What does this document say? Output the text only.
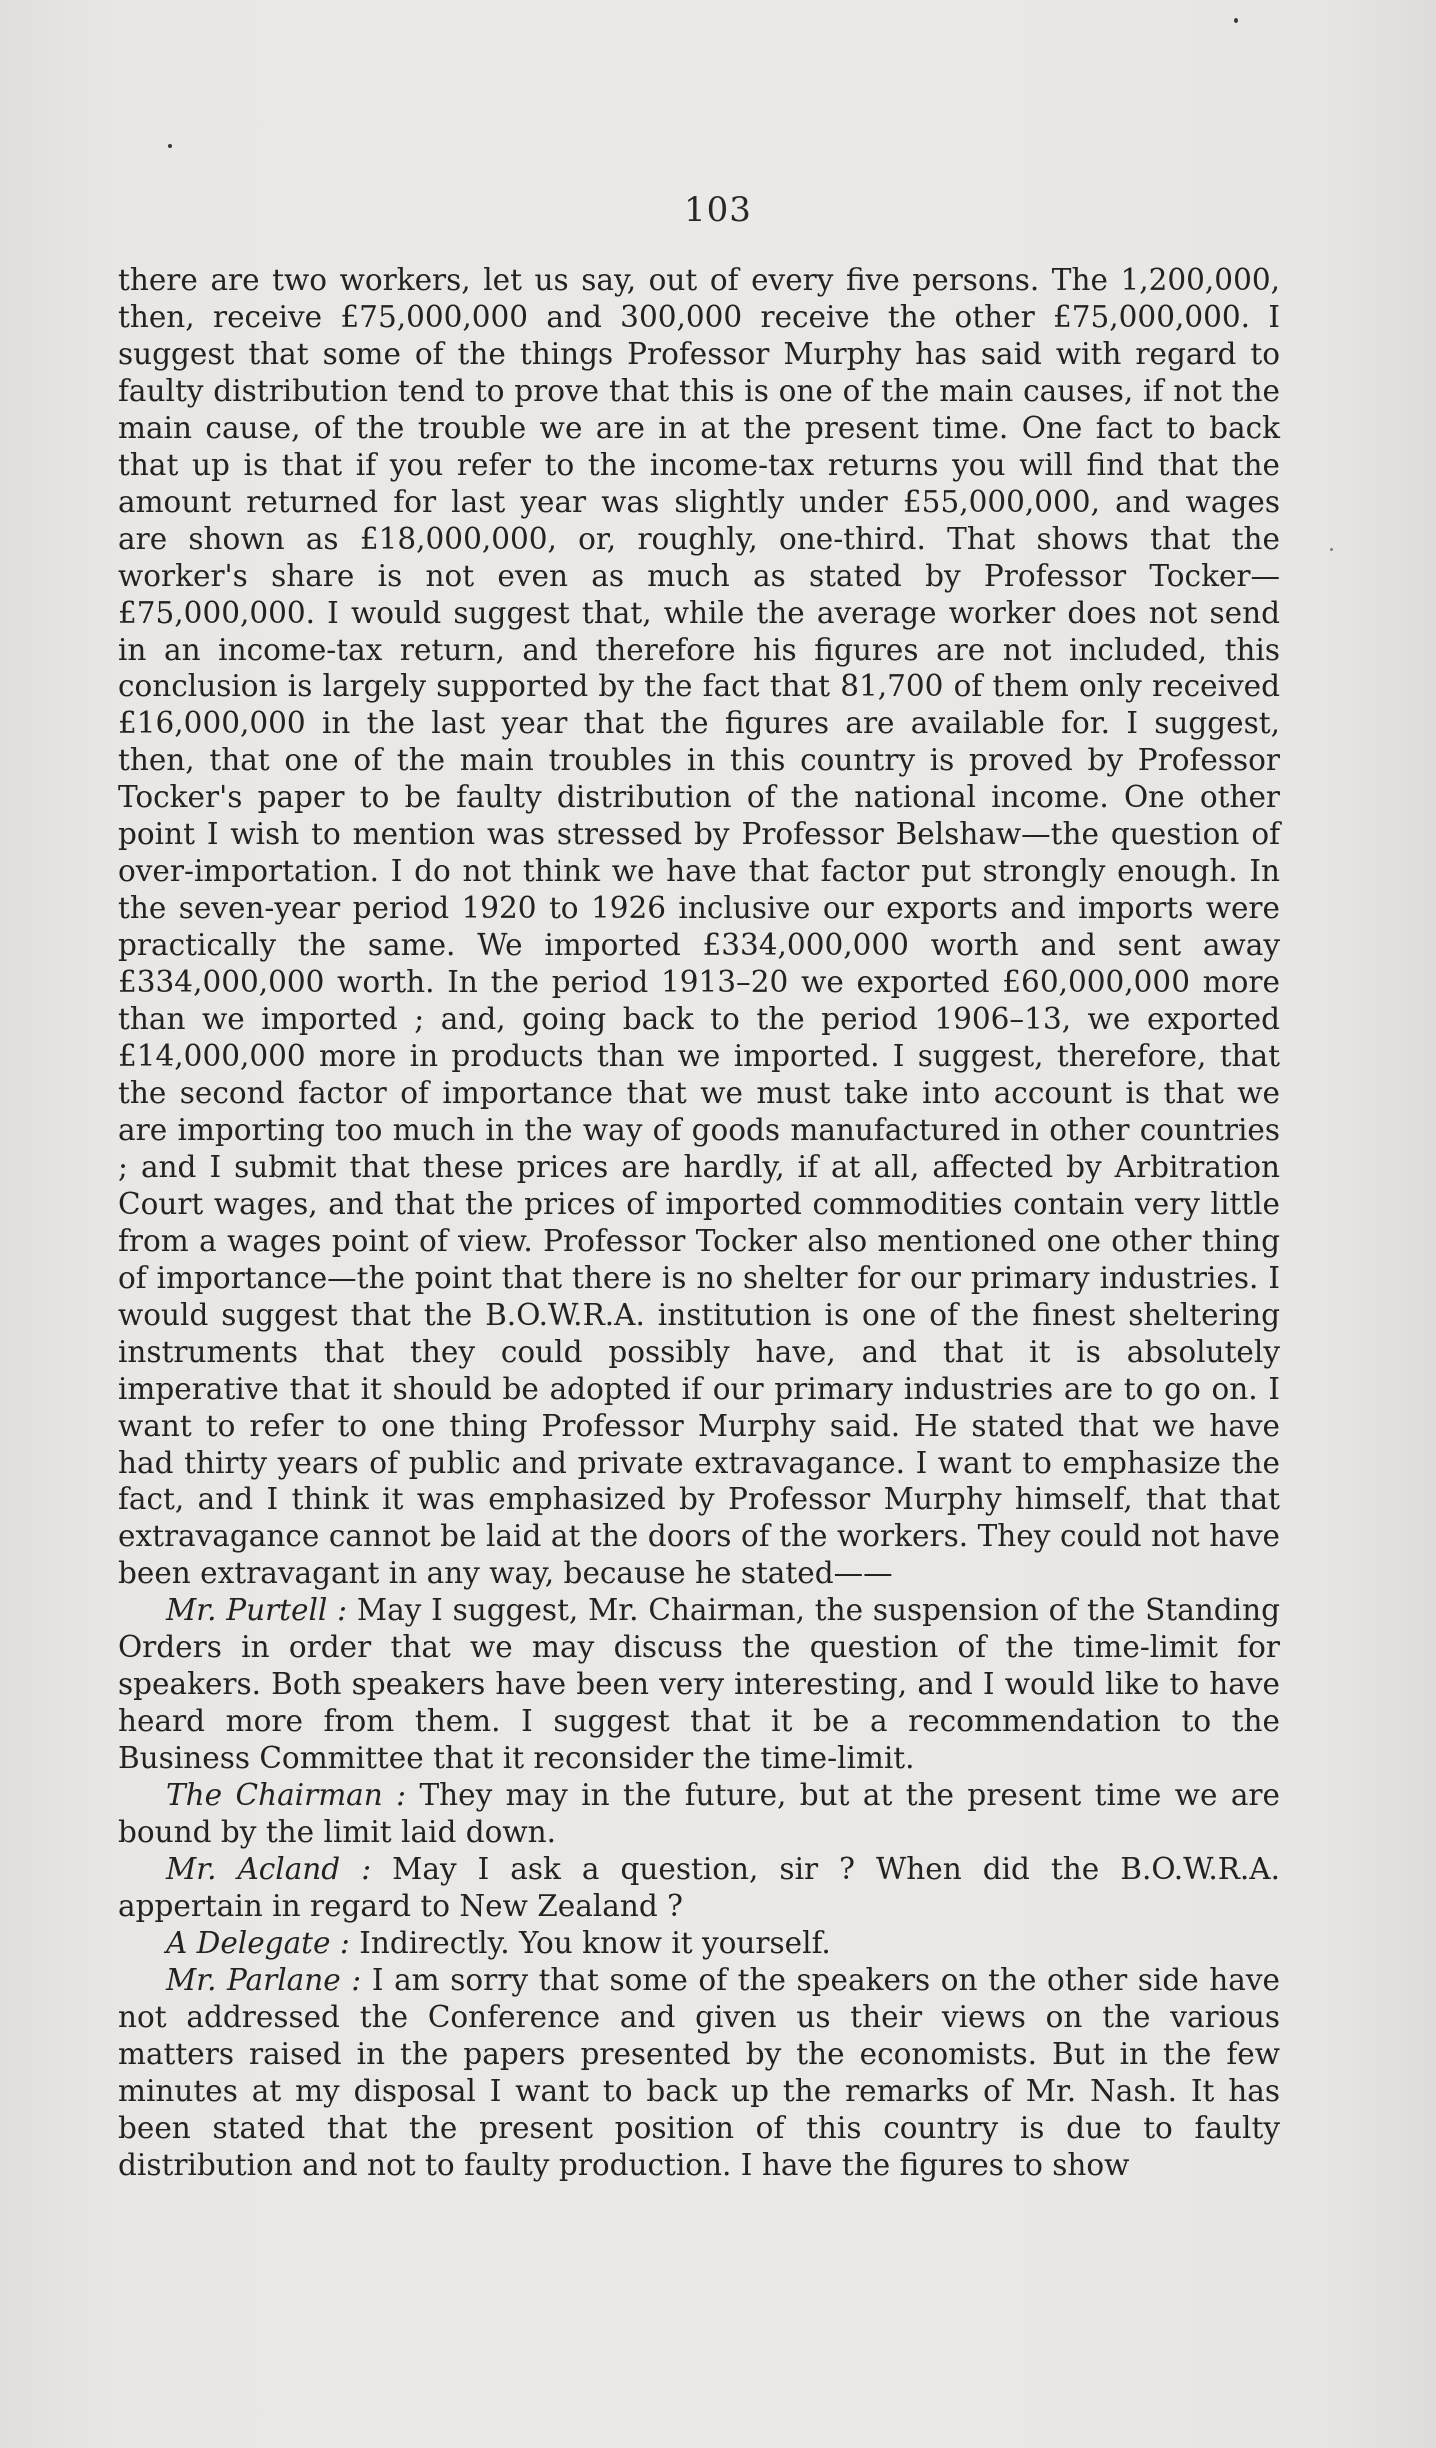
103

there are two workers, let us say, out of every five persons. The 1,200,000, then, receive £75,000,000 and 300,000 receive the other £75,000,000. I suggest that some of the things Professor Murphy has said with regard to faulty distribution tend to prove that this is one of the main causes, if not the main cause, of the trouble we are in at the present time. One fact to back that up is that if you refer to the income-tax returns you will find that the amount returned for last year was slightly under £55,000,000, and wages are shown as £18,000,000, or, roughly, one-third. That shows that the worker's share is not even as much as stated by Professor Tocker—£75,000,000. I would suggest that, while the average worker does not send in an income-tax return, and therefore his figures are not included, this conclusion is largely supported by the fact that 81,700 of them only received £16,000,000 in the last year that the figures are available for. I suggest, then, that one of the main troubles in this country is proved by Professor Tocker's paper to be faulty distribution of the national income. One other point I wish to mention was stressed by Professor Belshaw—the question of over-importation. I do not think we have that factor put strongly enough. In the seven-year period 1920 to 1926 inclusive our exports and imports were practically the same. We imported £334,000,000 worth and sent away £334,000,000 worth. In the period 1913–20 we exported £60,000,000 more than we imported ; and, going back to the period 1906–13, we exported £14,000,000 more in products than we imported. I suggest, therefore, that the second factor of importance that we must take into account is that we are importing too much in the way of goods manufactured in other countries ; and I submit that these prices are hardly, if at all, affected by Arbitration Court wages, and that the prices of imported commodities contain very little from a wages point of view. Professor Tocker also mentioned one other thing of importance—the point that there is no shelter for our primary industries. I would suggest that the B.O.W.R.A. institution is one of the finest sheltering instruments that they could possibly have, and that it is absolutely imperative that it should be adopted if our primary industries are to go on. I want to refer to one thing Professor Murphy said. He stated that we have had thirty years of public and private extravagance. I want to emphasize the fact, and I think it was emphasized by Professor Murphy himself, that that extravagance cannot be laid at the doors of the workers. They could not have been extravagant in any way, because he stated——

Mr. Purtell : May I suggest, Mr. Chairman, the suspension of the Standing Orders in order that we may discuss the question of the time-limit for speakers. Both speakers have been very interesting, and I would like to have heard more from them. I suggest that it be a recommendation to the Business Committee that it reconsider the time-limit.

The Chairman : They may in the future, but at the present time we are bound by the limit laid down.

Mr. Acland : May I ask a question, sir ? When did the B.O.W.R.A. appertain in regard to New Zealand ?

A Delegate : Indirectly. You know it yourself.

Mr. Parlane : I am sorry that some of the speakers on the other side have not addressed the Conference and given us their views on the various matters raised in the papers presented by the economists. But in the few minutes at my disposal I want to back up the remarks of Mr. Nash. It has been stated that the present position of this country is due to faulty distribution and not to faulty production. I have the figures to show
